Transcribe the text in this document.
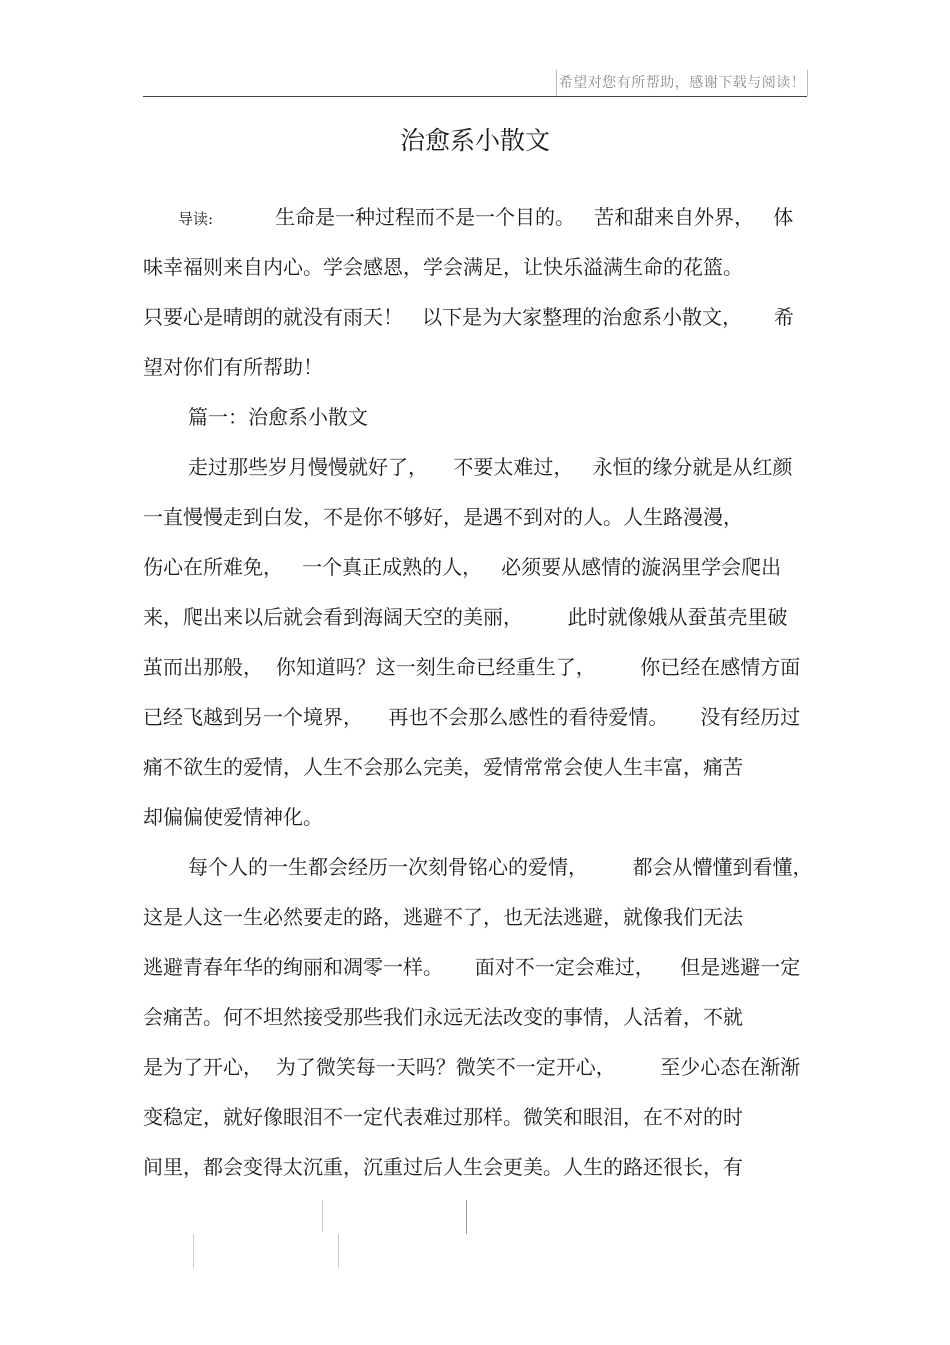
希望对您有所帮助，感谢下载与阅读！
治愈系小散文
导读:	生命是一种过程而不是一个目的。   苦和甜来自外界，   体
味幸福则来自内心。学会感恩，学会满足，让快乐溢满生命的花篮。
只要心是晴朗的就没有雨天！   以下是为大家整理的治愈系小散文，     希
望对你们有所帮助！
篇一：治愈系小散文
走过那些岁月慢慢就好了，    不要太难过，   永恒的缘分就是从红颜
一直慢慢走到白发，不是你不够好，是遇不到对的人。人生路漫漫，
伤心在所难免，   一个真正成熟的人，   必须要从感情的漩涡里学会爬出
来，爬出来以后就会看到海阔天空的美丽，       此时就像娥从蚕茧壳里破
茧而出那般，  你知道吗？这一刻生命已经重生了，       你已经在感情方面
已经飞越到另一个境界，    再也不会那么感性的看待爱情。     没有经历过
痛不欲生的爱情，人生不会那么完美，爱情常常会使人生丰富，痛苦
却偏偏使爱情神化。
每个人的一生都会经历一次刻骨铭心的爱情，       都会从懵懂到看懂，
这是人这一生必然要走的路，逃避不了，也无法逃避，就像我们无法
逃避青春年华的绚丽和凋零一样。     面对不一定会难过，    但是逃避一定
会痛苦。何不坦然接受那些我们永远无法改变的事情，人活着，不就
是为了开心，  为了微笑每一天吗？微笑不一定开心，       至少心态在渐渐
变稳定，就好像眼泪不一定代表难过那样。微笑和眼泪，在不对的时
间里，都会变得太沉重，沉重过后人生会更美。人生的路还很长，有
